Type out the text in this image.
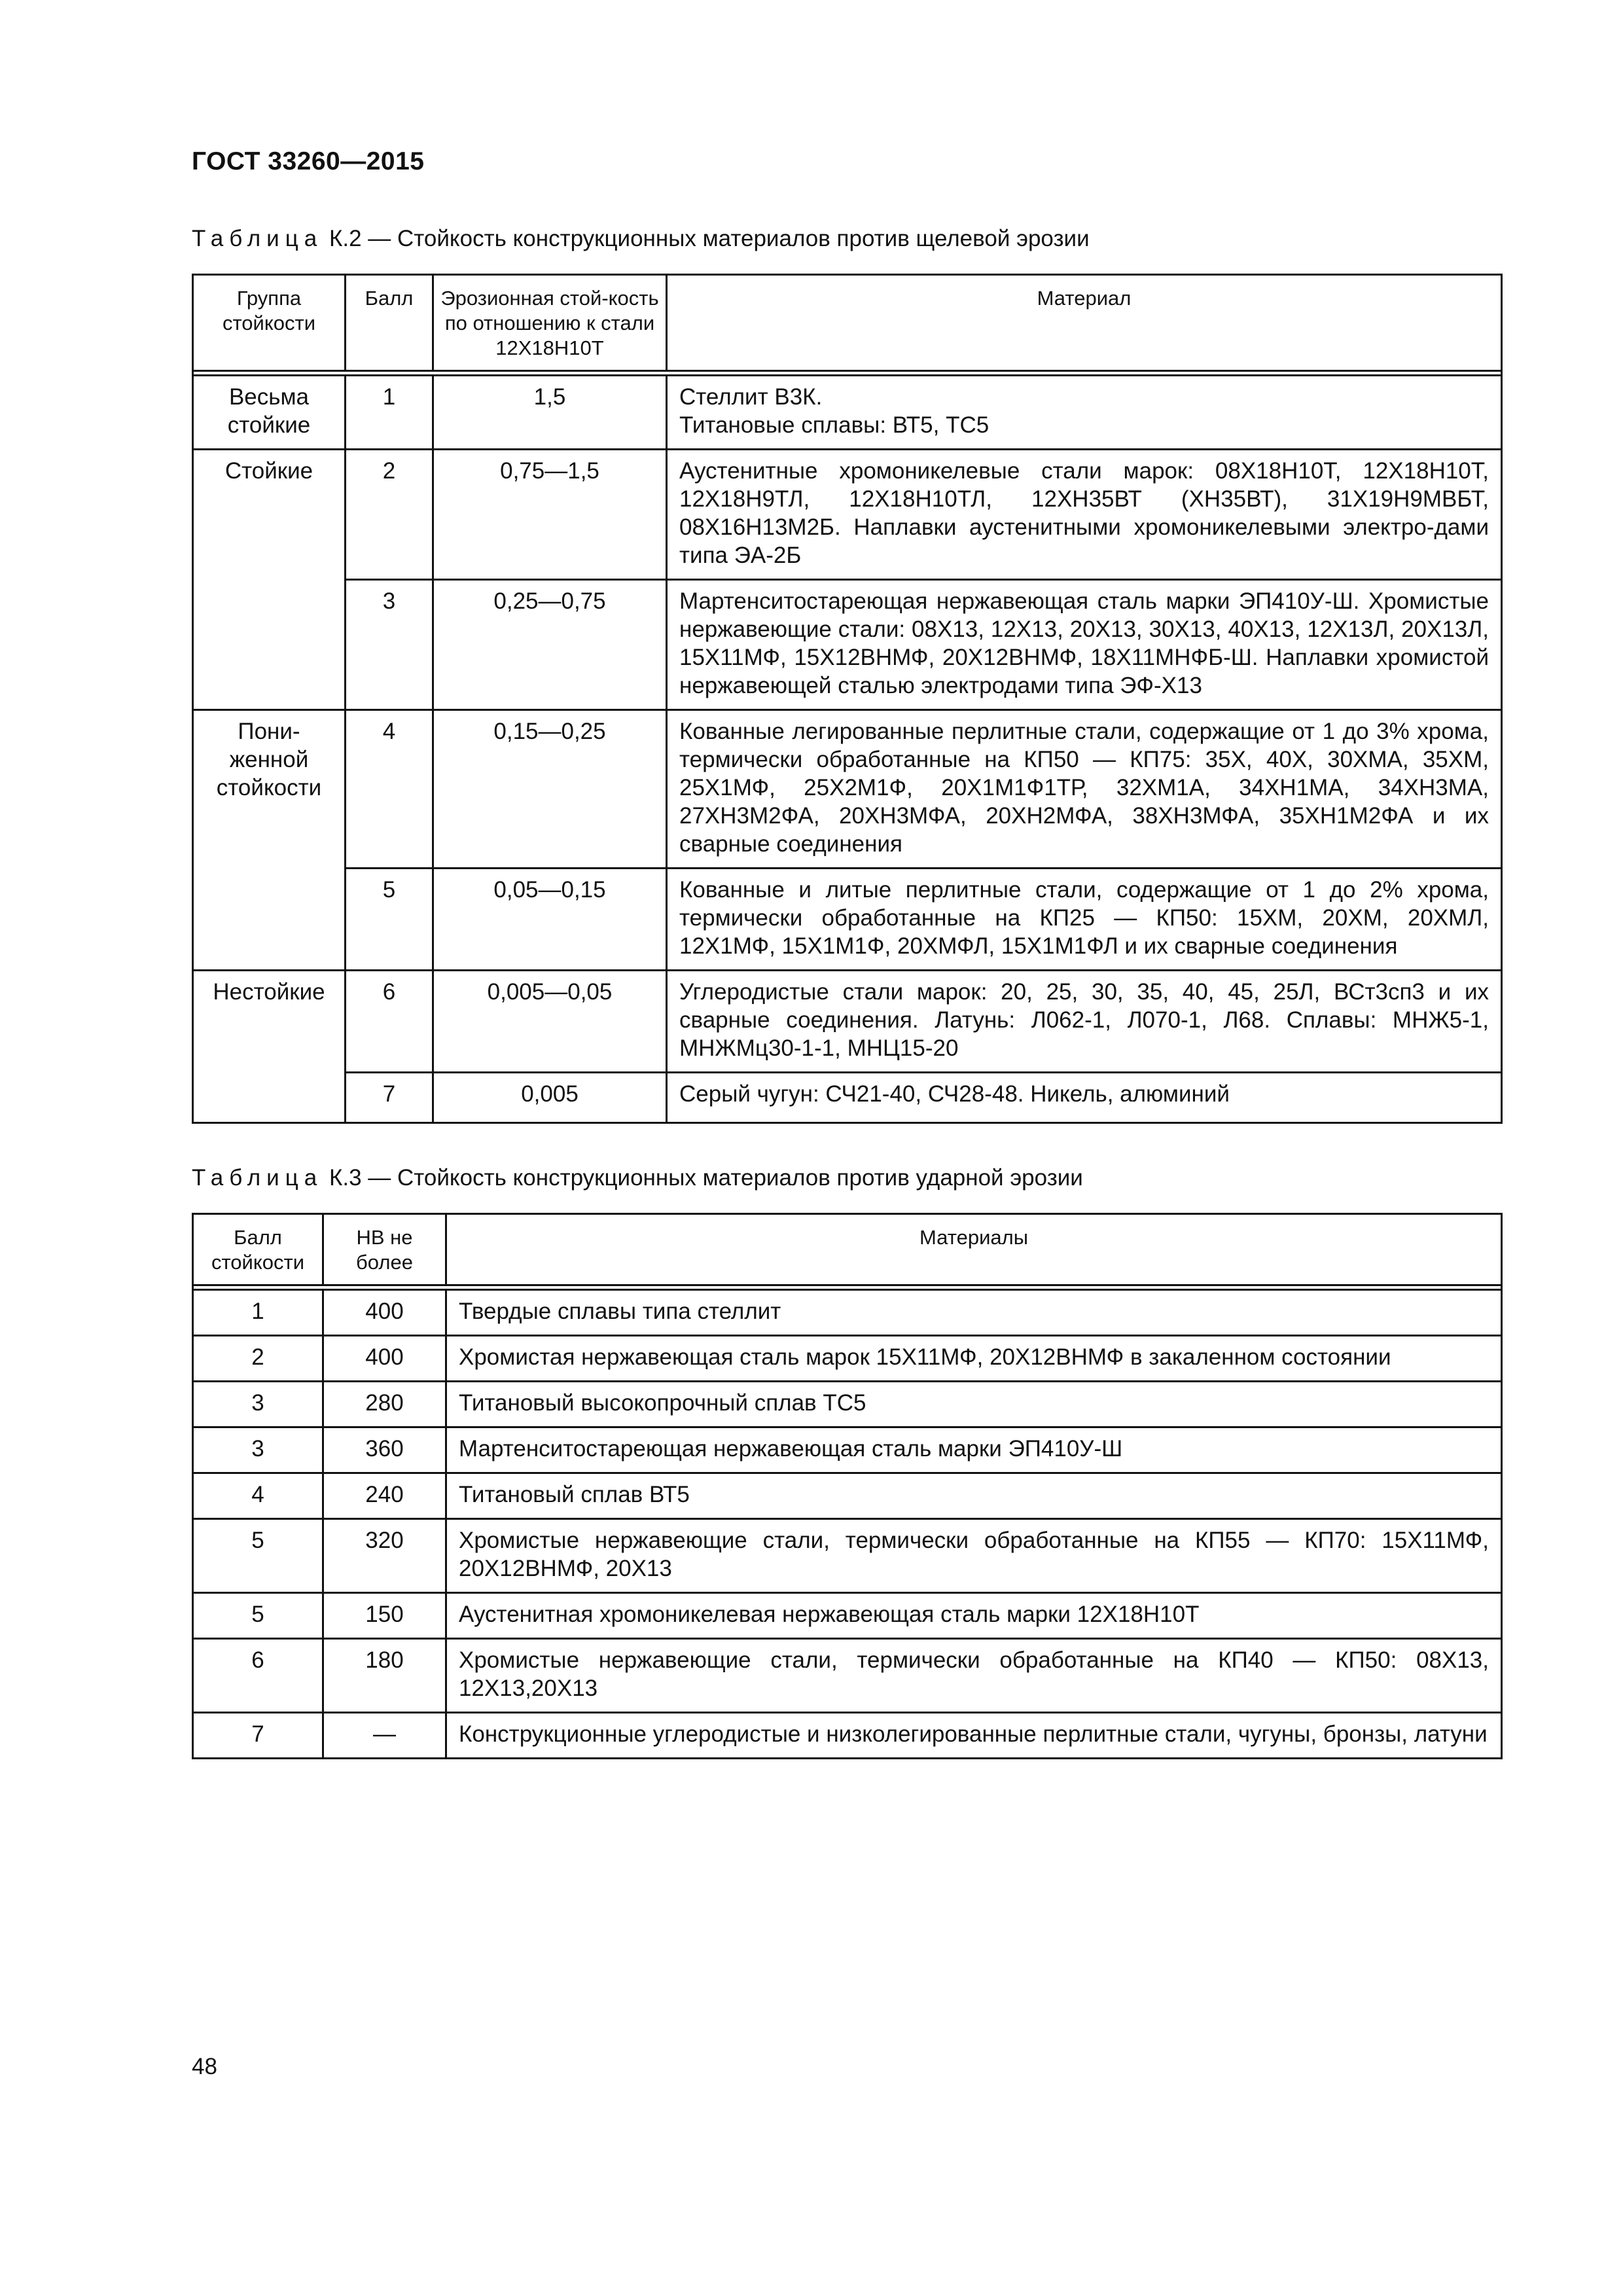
ГОСТ 33260—2015
Таблица К.2 — Стойкость конструкционных материалов против щелевой эрозии
Группа стойкости	Балл	Эрозионная стой-кость по отношению к стали 12Х18Н10Т	Материал

Весьма стойкие	1	1,5	Стеллит В3К.
Титановые сплавы: ВТ5, ТС5
Стойкие	2	0,75—1,5	Аустенитные хромоникелевые стали марок: 08Х18Н10Т, 12Х18Н10Т, 12Х18Н9ТЛ, 12Х18Н10ТЛ, 12ХН35ВТ (ХН35ВТ), 31Х19Н9МВБТ, 08Х16Н13М2Б. Наплавки аустенитными хромоникелевыми электро-дами типа ЭА-2Б
	3	0,25—0,75	Мартенситостареющая нержавеющая сталь марки ЭП410У-Ш. Хромистые нержавеющие стали: 08Х13, 12Х13, 20Х13, 30Х13, 40Х13, 12Х13Л, 20Х13Л, 15Х11МФ, 15Х12ВНМФ, 20Х12ВНМФ, 18Х11МНФБ-Ш. Наплавки хромистой нержавеющей сталью электродами типа ЭФ-Х13
Пони-женной стойкости	4	0,15—0,25	Кованные легированные перлитные стали, содержащие от 1 до 3% хрома, термически обработанные на КП50 — КП75: 35Х, 40Х, 30ХМА, 35ХМ, 25Х1МФ, 25Х2М1Ф, 20Х1М1Ф1ТР, 32ХМ1А, 34ХН1МА, 34ХН3МА, 27ХН3М2ФА, 20ХН3МФА, 20ХН2МФА, 38ХН3МФА, 35ХН1М2ФА и их сварные соединения
	5	0,05—0,15	Кованные и литые перлитные стали, содержащие от 1 до 2% хрома, термически обработанные на КП25 — КП50: 15ХМ, 20ХМ, 20ХМЛ, 12Х1МФ, 15Х1М1Ф, 20ХМФЛ, 15Х1М1ФЛ и их сварные соединения
Нестойкие	6	0,005—0,05	Углеродистые стали марок: 20, 25, 30, 35, 40, 45, 25Л, ВСт3сп3 и их сварные соединения. Латунь: Л062-1, Л070-1, Л68. Сплавы: МНЖ5-1, МНЖМц30-1-1, МНЦ15-20
	7	0,005	Серый чугун: СЧ21-40, СЧ28-48. Никель, алюминий
Таблица К.3 — Стойкость конструкционных материалов против ударной эрозии
Балл стойкости	НВ не более	Материалы

1	400	Твердые сплавы типа стеллит
2	400	Хромистая нержавеющая сталь марок 15Х11МФ, 20Х12ВНМФ в закаленном состоянии
3	280	Титановый высокопрочный сплав ТС5
3	360	Мартенситостареющая нержавеющая сталь марки ЭП410У-Ш
4	240	Титановый сплав ВТ5
5	320	Хромистые нержавеющие стали, термически обработанные на КП55 — КП70: 15Х11МФ, 20Х12ВНМФ, 20Х13
5	150	Аустенитная хромоникелевая нержавеющая сталь марки 12Х18Н10Т
6	180	Хромистые нержавеющие стали, термически обработанные на КП40 — КП50: 08Х13, 12Х13,20Х13
7	—	Конструкционные углеродистые и низколегированные перлитные стали, чугуны, бронзы, латуни
48
